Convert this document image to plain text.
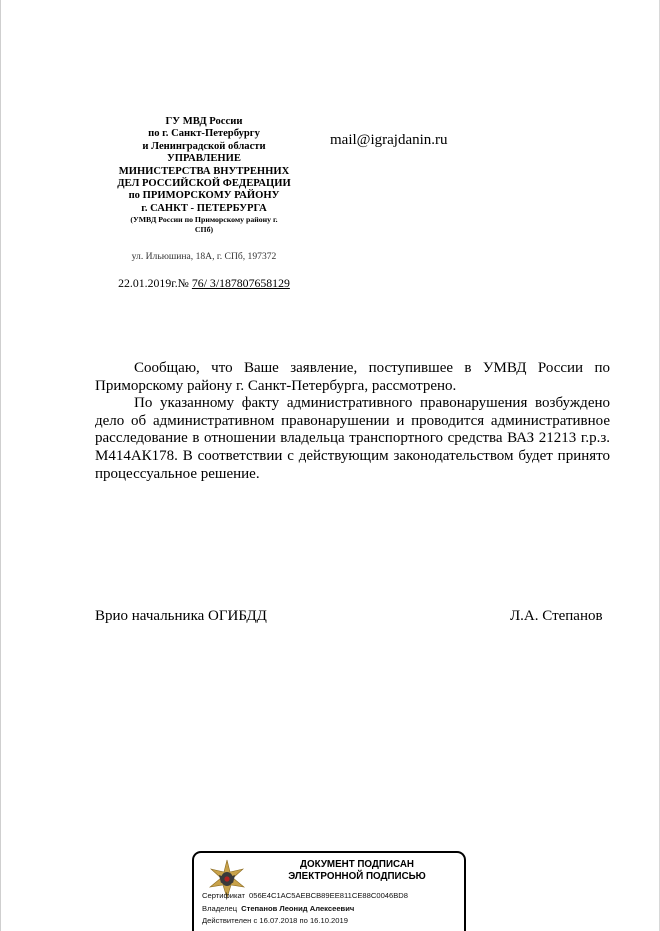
ГУ МВД России
по г. Санкт-Петербургу
и Ленинградской области
УПРАВЛЕНИЕ
МИНИСТЕРСТВА ВНУТРЕННИХ
ДЕЛ РОССИЙСКОЙ ФЕДЕРАЦИИ
по ПРИМОРСКОМУ РАЙОНУ
г. САНКТ - ПЕТЕРБУРГА
(УМВД России по Приморскому району г.
СПб)
ул. Ильюшина, 18А, г. СПб, 197372
22.01.2019г.№ 76/ 3/187807658129
mail@igrajdanin.ru

Сообщаю, что Ваше заявление, поступившее в УМВД России по Приморскому району г. Санкт-Петербурга, рассмотрено.

По указанному факту административного правонарушения возбуждено дело об административном правонарушении и проводится административное расследование в отношении владельца транспортного средства ВАЗ 21213 г.р.з. М414АК178. В соответствии с действующим законодательством будет принято процессуальное решение.

Врио начальника ОГИБДД	Л.А. Степанов
ДОКУМЕНТ ПОДПИСАН
ЭЛЕКТРОННОЙ ПОДПИСЬЮ
Сертификат 056E4C1AC5AEBCB89EE811CE88C0046BD8
Владелец Степанов Леонид Алексеевич
Действителен с 16.07.2018 по 16.10.2019
